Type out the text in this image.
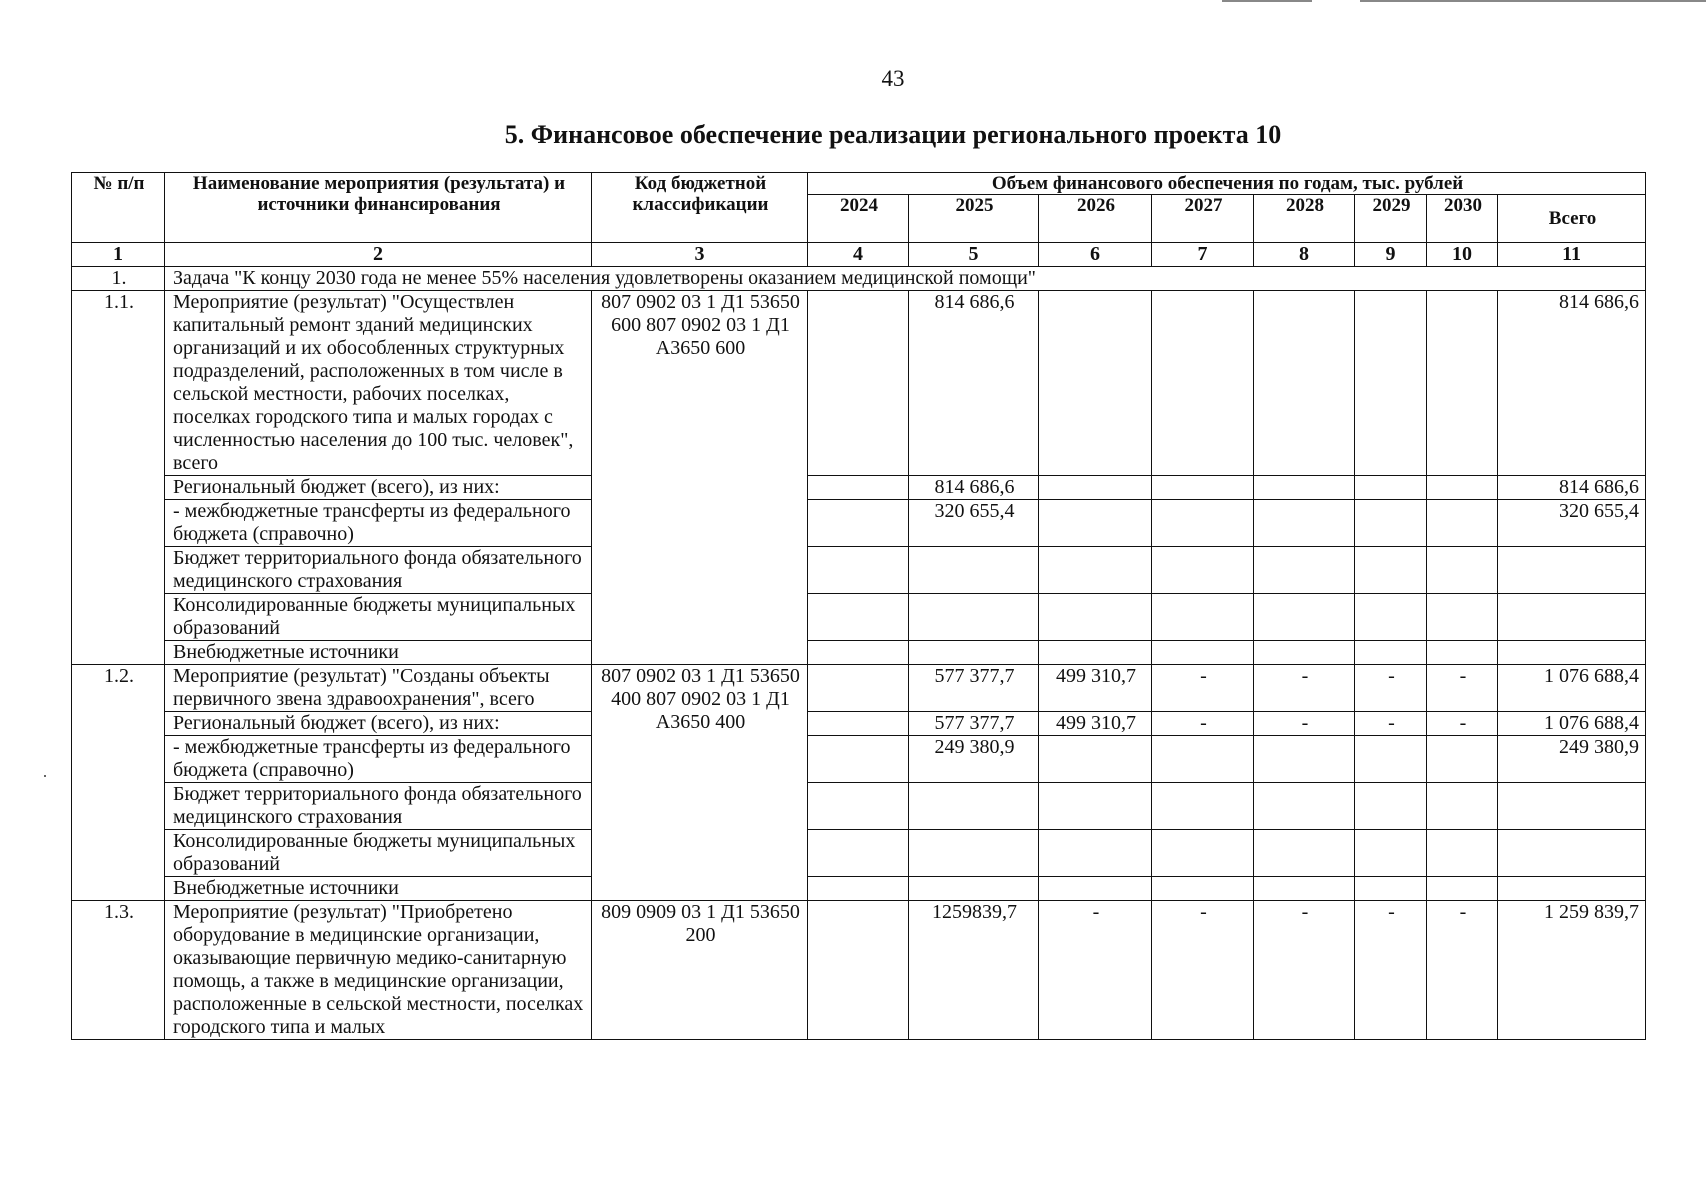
43
5. Финансовое обеспечение реализации регионального проекта 10
№ п/п	Наименование мероприятия (результата) и источники финансирования	Код бюджетной классификации	Объем финансового обеспечения по годам, тыс. рублей							
			2024	2025	2026	2027	2028	2029	2030	Всего
1	2	3	4	5	6	7	8	9	10	11
1.	Задача "К концу 2030 года не менее 55% населения удовлетворены оказанием медицинской помощи"									
1.1.	Мероприятие (результат) "Осуществлен капитальный ремонт зданий медицинских организаций и их обособленных структурных подразделений, расположенных в том числе в сельской местности, рабочих поселках, поселках городского типа и малых городах с численностью населения до 100 тыс. человек", всего	807 0902 03 1 Д1 53650 600 807 0902 03 1 Д1 А3650 600		814 686,6						814 686,6
	Региональный бюджет (всего), из них:			814 686,6						814 686,6
	- межбюджетные трансферты из федерального бюджета (справочно)			320 655,4						320 655,4
	Бюджет территориального фонда обязательного медицинского страхования									
	Консолидированные бюджеты муниципальных образований									
	Внебюджетные источники									
1.2.	Мероприятие (результат) "Созданы объекты первичного звена здравоохранения", всего	807 0902 03 1 Д1 53650 400 807 0902 03 1 Д1 А3650 400		577 377,7	499 310,7	-	-	-	-	1 076 688,4
	Региональный бюджет (всего), из них:			577 377,7	499 310,7	-	-	-	-	1 076 688,4
	- межбюджетные трансферты из федерального бюджета (справочно)			249 380,9						249 380,9
	Бюджет территориального фонда обязательного медицинского страхования									
	Консолидированные бюджеты муниципальных образований									
	Внебюджетные источники									
1.3.	Мероприятие (результат) "Приобретено оборудование в медицинские организации, оказывающие первичную медико-санитарную помощь, а также в медицинские организации, расположенные в сельской местности, поселках городского типа и малых	809 0909 03 1 Д1 53650 200		1259839,7	-	-	-	-	-	1 259 839,7
